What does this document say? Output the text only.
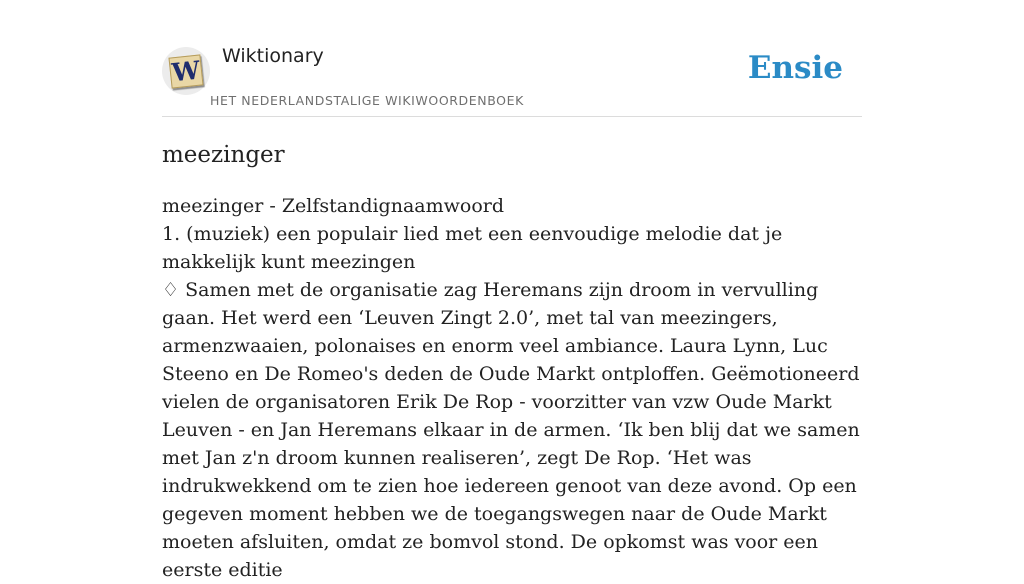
W Wiktionary
HET NEDERLANDSTALIGE WIKIWOORDENBOEK
Ensie
meezinger

meezinger - Zelfstandignaamwoord

1. (muziek) een populair lied met een eenvoudige melodie dat je makkelijk kunt meezingen

♢ Samen met de organisatie zag Heremans zijn droom in vervulling gaan. Het werd een ‘Leuven Zingt 2.0’, met tal van meezingers, armenzwaaien, polonaises en enorm veel ambiance. Laura Lynn, Luc Steeno en De Romeo's deden de Oude Markt ontploffen. Geëmotioneerd vielen de organisatoren Erik De Rop - voorzitter van vzw Oude Markt Leuven - en Jan Heremans elkaar in de armen. ‘Ik ben blij dat we samen met Jan z'n droom kunnen realiseren’, zegt De Rop. ‘Het was indrukwekkend om te zien hoe iedereen genoot van deze avond. Op een gegeven moment hebben we de toegangswegen naar de Oude Markt moeten afsluiten, omdat ze bomvol stond. De opkomst was voor een eerste editie
